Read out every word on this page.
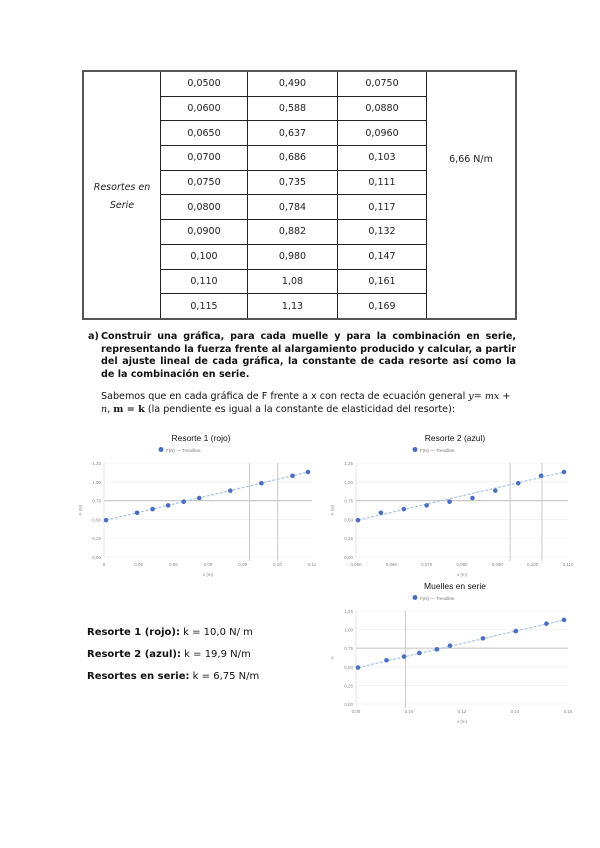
Resortes en
Serie	0,0500	0,490	0,0750	6,66 N/m
	0,0600	0,588	0,0880	
	0,0650	0,637	0,0960	
	0,0700	0,686	0,103	
	0,0750	0,735	0,111	
	0,0800	0,784	0,117	
	0,0900	0,882	0,132	
	0,100	0,980	0,147	
	0,110	1,08	0,161	
	0,115	1,13	0,169	
a) Construir una gráfica, para cada muelle y para la combinación en serie, representando la fuerza frente al alargamiento producido y calcular, a partir del ajuste lineal de cada gráfica, la constante de cada resorte así como la de la combinación en serie.
Sabemos que en cada gráfica de F frente a x con recta de ecuación general y= mx + n, m = k (la pendiente es igual a la constante de elasticidad del resorte):
Resorte 1 (rojo)
F(N) — Trendline
0,00
0,25
0,50
0,75
1,00
1,25
0	0,05	0,06	0,08	0,09	0,10	0,11
x (m)
F (N)
Resorte 2 (azul)
F(N) — Trendline
0,00
0,25
0,50
0,75
1,00
1,25
0,050	0,060	0,070	0,080	0,090	0,100	0,110
x (m)
F (N)
Muelles en serie
F(N) — Trendline
0,00
0,25
0,50
0,75
1,00
1,25
0,08	0,10	0,12	0,14	0,16
x (m)
F
Resorte 1 (rojo): k = 10,0 N/ m
Resorte 2 (azul): k = 19,9 N/m
Resortes en serie: k = 6,75 N/m
